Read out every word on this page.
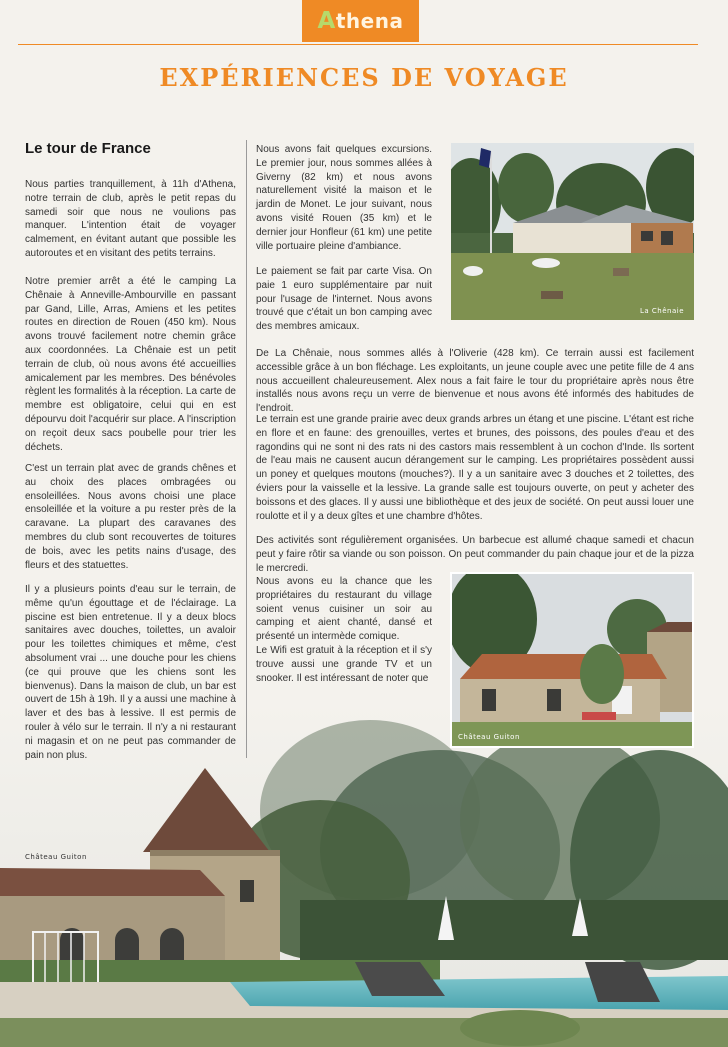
Athena
EXPÉRIENCES DE VOYAGE
Château Guiton
Le tour de France

Nous parties tranquillement, à 11h d'Athena, notre terrain de club, après le petit repas du samedi soir que nous ne voulions pas manquer. L'intention était de voyager calmement, en évitant autant que possible les autoroutes et en visitant des petits terrains.

Notre premier arrêt a été le camping La Chênaie à Anneville-Ambourville en passant par Gand, Lille, Arras, Amiens et les petites routes en direction de Rouen (450 km). Nous avons trouvé facilement notre chemin grâce aux coordonnées. La Chênaie est un petit terrain de club, où nous avons été accueillies amicalement par les membres. Des bénévoles règlent les formalités à la réception. La carte de membre est obligatoire, celui qui en est dépourvu doit l'acquérir sur place. A l'inscription on reçoit deux sacs poubelle pour trier les déchets.

C'est un terrain plat avec de grands chênes et au choix des places ombragées ou ensoleillées. Nous avons choisi une place ensoleillée et la voiture a pu rester près de la caravane. La plupart des caravanes des membres du club sont recouvertes de toitures de bois, avec les petits nains d'usage, des fleurs et des statuettes.

Il y a plusieurs points d'eau sur le terrain, de même qu'un égouttage et de l'éclairage. La piscine est bien entretenue. Il y a deux blocs sanitaires avec douches, toilettes, un avaloir pour les toilettes chimiques et même, c'est absolument vrai ... une douche pour les chiens (ce qui prouve que les chiens sont les bienvenus). Dans la maison de club, un bar est ouvert de 15h à 19h. Il y a aussi une machine à laver et des bas à lessive. Il est permis de rouler à vélo sur le terrain. Il n'y a ni restaurant ni magasin et on ne peut pas commander de pain non plus.

Nous avons fait quelques excursions. Le premier jour, nous sommes allées à Giverny (82 km) et nous avons naturellement visité la maison et le jardin de Monet. Le jour suivant, nous avons visité Rouen (35 km) et le dernier jour Honfleur (61 km) une petite ville portuaire pleine d'ambiance.

Le paiement se fait par carte Visa. On paie 1 euro supplémentaire par nuit pour l'usage de l'internet. Nous avons trouvé que c'était un bon camping avec des membres amicaux.

La Chênaie

De La Chênaie, nous sommes allés à l'Oliverie (428 km). Ce terrain aussi est facilement accessible grâce à un bon fléchage. Les exploitants, un jeune couple avec une petite fille de 4 ans nous accueillent chaleureusement. Alex nous a fait faire le tour du propriétaire après nous être installés nous avons reçu un verre de bienvenue et nous avons été informés des habitudes de l'endroit.

Le terrain est une grande prairie avec deux grands arbres un étang et une piscine. L'étant est riche en flore et en faune: des grenouilles, vertes et brunes, des poissons, des poules d'eau et des ragondins qui ne sont ni des rats ni des castors mais ressemblent à un cochon d'Inde. Ils sortent de l'eau mais ne causent aucun dérangement sur le camping. Les propriétaires possèdent aussi un poney et quelques moutons (mouches?). Il y a un sanitaire avec 3 douches et 2 toilettes, des éviers pour la vaisselle et la lessive. La grande salle est toujours ouverte, on peut y acheter des boissons et des glaces. Il y aussi une bibliothèque et des jeux de société. On peut aussi louer une roulotte et il y a deux gîtes et une chambre d'hôtes.

Des activités sont régulièrement organisées. Un barbecue est allumé chaque samedi et chacun peut y faire rôtir sa viande ou son poisson. On peut commander du pain chaque jour et de la pizza le mercredi.

Nous avons eu la chance que les propriétaires du restaurant du village soient venus cuisiner un soir au camping et aient chanté, dansé et présenté un intermède comique.

Le Wifi est gratuit à la réception et il s'y trouve aussi une grande TV et un snooker. Il est intéressant de noter que

Château Guiton
